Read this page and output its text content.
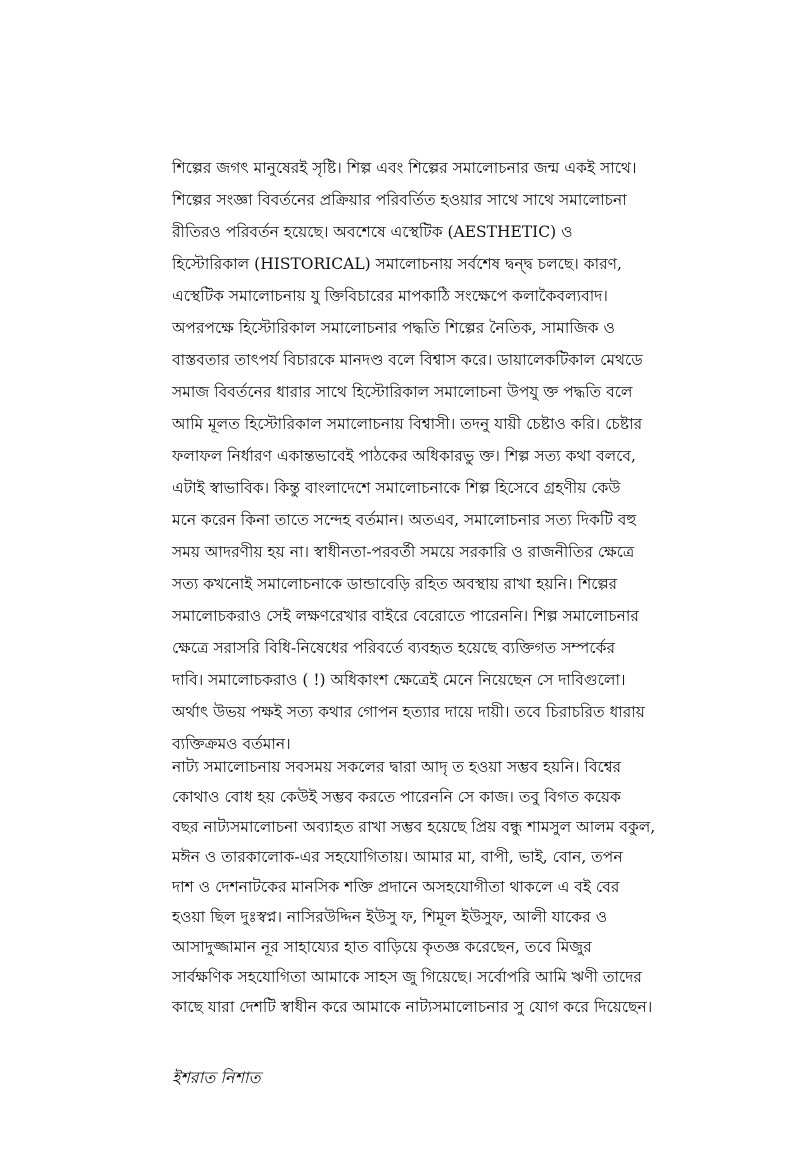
শিল্পের জগৎ মানুষেরই সৃষ্টি। শিল্প এবং শিল্পের সমালোচনার জন্ম একই সাথে।
শিল্পের সংজ্ঞা বিবর্তনের প্রক্রিয়ার পরিবর্তিত হওয়ার সাথে সাথে সমালোচনা
রীতিরও পরিবর্তন হয়েছে। অবশেষে এস্থেটিক (AESTHETIC) ও
হিস্টোরিকাল (HISTORICAL) সমালোচনায় সর্বশেষ দ্বন্দ্ব চলছে। কারণ,
এস্থেটিক সমালোচনায় যু ক্তিবিচারের মাপকাঠি সংক্ষেপে কলাকৈবল্যবাদ।
অপরপক্ষে হিস্টোরিকাল সমালোচনার পদ্ধতি শিল্পের নৈতিক, সামাজিক ও
বাস্তবতার তাৎপর্য বিচারকে মানদণ্ড বলে বিশ্বাস করে। ডায়ালেকটিকাল মেথডে
সমাজ বিবর্তনের ধারার সাথে হিস্টোরিকাল সমালোচনা উপযু ক্ত পদ্ধতি বলে
আমি মূলত হিস্টোরিকাল সমালোচনায় বিশ্বাসী। তদনু যায়ী চেষ্টাও করি। চেষ্টার
ফলাফল নির্ধারণ একান্তভাবেই পাঠকের অধিকারভু ক্ত। শিল্প সত্য কথা বলবে,
এটাই স্বাভাবিক। কিন্তু বাংলাদেশে সমালোচনাকে শিল্প হিসেবে গ্রহণীয় কেউ
মনে করেন কিনা তাতে সন্দেহ বর্তমান। অতএব, সমালোচনার সত্য দিকটি বহু
সময় আদরণীয় হয় না। স্বাধীনতা-পরবর্তী সময়ে সরকারি ও রাজনীতির ক্ষেত্রে
সত্য কখনোই সমালোচনাকে ডান্ডাবেড়ি রহিত অবস্থায় রাখা হয়নি। শিল্পের
সমালোচকরাও সেই লক্ষণরেখার বাইরে বেরোতে পারেননি। শিল্প সমালোচনার
ক্ষেত্রে সরাসরি বিধি-নিষেধের পরিবর্তে ব্যবহৃত হয়েছে ব্যক্তিগত সম্পর্কের
দাবি। সমালোচকরাও ( !) অধিকাংশ ক্ষেত্রেই মেনে নিয়েছেন সে দাবিগুলো।
অর্থাৎ উভয় পক্ষই সত্য কথার গোপন হত্যার দায়ে দায়ী। তবে চিরাচরিত ধারায়
ব্যক্তিক্রমও বর্তমান।
নাট্য সমালোচনায় সবসময় সকলের দ্বারা আদৃ ত হওয়া সম্ভব হয়নি। বিশ্বের
কোথাও বোধ হয় কেউই সম্ভব করতে পারেননি সে কাজ। তবু বিগত কয়েক
বছর নাট্যসমালোচনা অব্যাহত রাখা সম্ভব হয়েছে প্রিয় বন্ধু শামসুল আলম বকুল,
মঈন ও তারকালোক-এর সহযোগিতায়। আমার মা, বাপী, ভাই, বোন, তপন
দাশ ও দেশনাটকের মানসিক শক্তি প্রদানে অসহযোগীতা থাকলে এ বই বের
হওয়া ছিল দুঃস্বপ্ন। নাসিরউদ্দিন ইউসু ফ, শিমূল ইউসুফ, আলী যাকের ও
আসাদুজ্জামান নূর সাহায্যের হাত বাড়িয়ে কৃতজ্ঞ করেছেন, তবে মিজুর
সার্বক্ষণিক সহযোগিতা আমাকে সাহস জু গিয়েছে। সর্বোপরি আমি ঋণী তাদের
কাছে যারা দেশটি স্বাধীন করে আমাকে নাট্যসমালোচনার সু যোগ করে দিয়েছেন।
ইশরাত নিশাত
